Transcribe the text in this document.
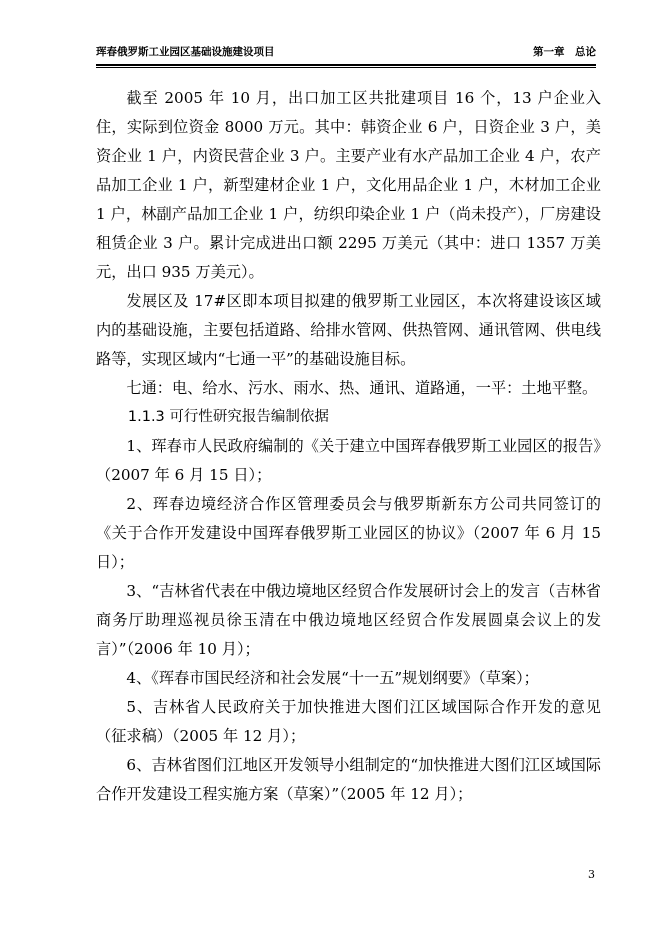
珲春俄罗斯工业园区基础设施建设项目	第一章　总论

截至 2005 年 10 月，出口加工区共批建项目 16 个，13 户企业入住，实际到位资金 8000 万元。其中：韩资企业 6 户，日资企业 3 户，美资企业 1 户，内资民营企业 3 户。主要产业有水产品加工企业 4 户，农产品加工企业 1 户，新型建材企业 1 户，文化用品企业 1 户，木材加工企业 1 户，林副产品加工企业 1 户，纺织印染企业 1 户（尚未投产），厂房建设租赁企业 3 户。累计完成进出口额 2295 万美元（其中：进口 1357 万美元，出口 935 万美元）。

发展区及 17#区即本项目拟建的俄罗斯工业园区，本次将建设该区域内的基础设施，主要包括道路、给排水管网、供热管网、通讯管网、供电线路等，实现区域内“七通一平”的基础设施目标。

七通：电、给水、污水、雨水、热、通讯、道路通，一平：土地平整。

1.1.3 可行性研究报告编制依据

1、珲春市人民政府编制的《关于建立中国珲春俄罗斯工业园区的报告》（2007 年 6 月 15 日）；

2、珲春边境经济合作区管理委员会与俄罗斯新东方公司共同签订的《关于合作开发建设中国珲春俄罗斯工业园区的协议》（2007 年 6 月 15 日）；

3、“吉林省代表在中俄边境地区经贸合作发展研讨会上的发言（吉林省商务厅助理巡视员徐玉清在中俄边境地区经贸合作发展圆桌会议上的发言）”（2006 年 10 月）；

4、《珲春市国民经济和社会发展“十一五”规划纲要》（草案）；

5、吉林省人民政府关于加快推进大图们江区域国际合作开发的意见（征求稿）（2005 年 12 月）；

6、吉林省图们江地区开发领导小组制定的“加快推进大图们江区域国际合作开发建设工程实施方案（草案）”（2005 年 12 月）；

3
